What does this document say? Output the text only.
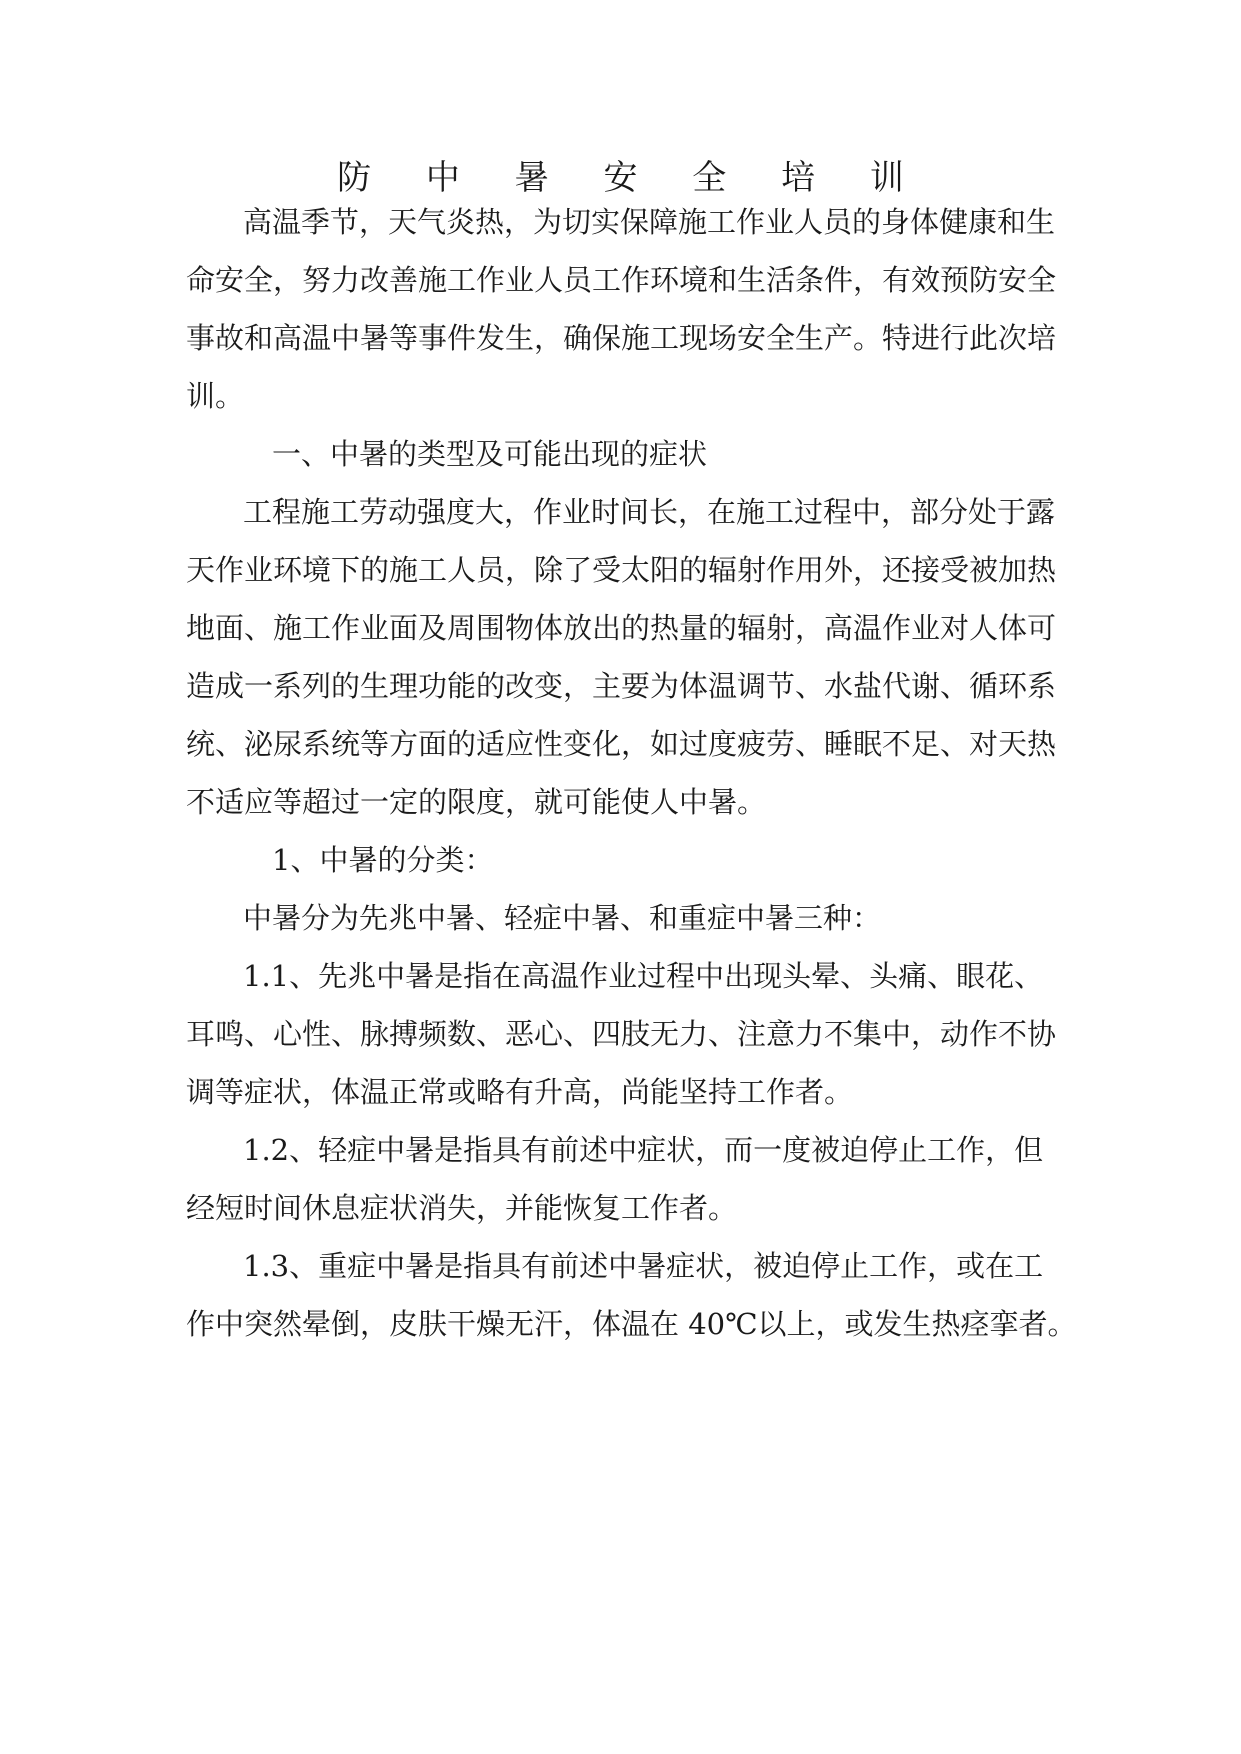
防 中 暑 安 全 培 训
高温季节，天气炎热，为切实保障施工作业人员的身体健康和生
命安全，努力改善施工作业人员工作环境和生活条件，有效预防安全
事故和高温中暑等事件发生，确保施工现场安全生产。特进行此次培
训。
一、中暑的类型及可能出现的症状
工程施工劳动强度大，作业时间长，在施工过程中，部分处于露
天作业环境下的施工人员，除了受太阳的辐射作用外，还接受被加热
地面、施工作业面及周围物体放出的热量的辐射，高温作业对人体可
造成一系列的生理功能的改变，主要为体温调节、水盐代谢、循环系
统、泌尿系统等方面的适应性变化，如过度疲劳、睡眠不足、对天热
不适应等超过一定的限度，就可能使人中暑。
1、中暑的分类：
中暑分为先兆中暑、轻症中暑、和重症中暑三种：
1.1、先兆中暑是指在高温作业过程中出现头晕、头痛、眼花、
耳鸣、心性、脉搏频数、恶心、四肢无力、注意力不集中，动作不协
调等症状，体温正常或略有升高，尚能坚持工作者。
1.2、轻症中暑是指具有前述中症状，而一度被迫停止工作，但
经短时间休息症状消失，并能恢复工作者。
1.3、重症中暑是指具有前述中暑症状，被迫停止工作，或在工
作中突然晕倒，皮肤干燥无汗，体温在 40℃以上，或发生热痉挛者。
